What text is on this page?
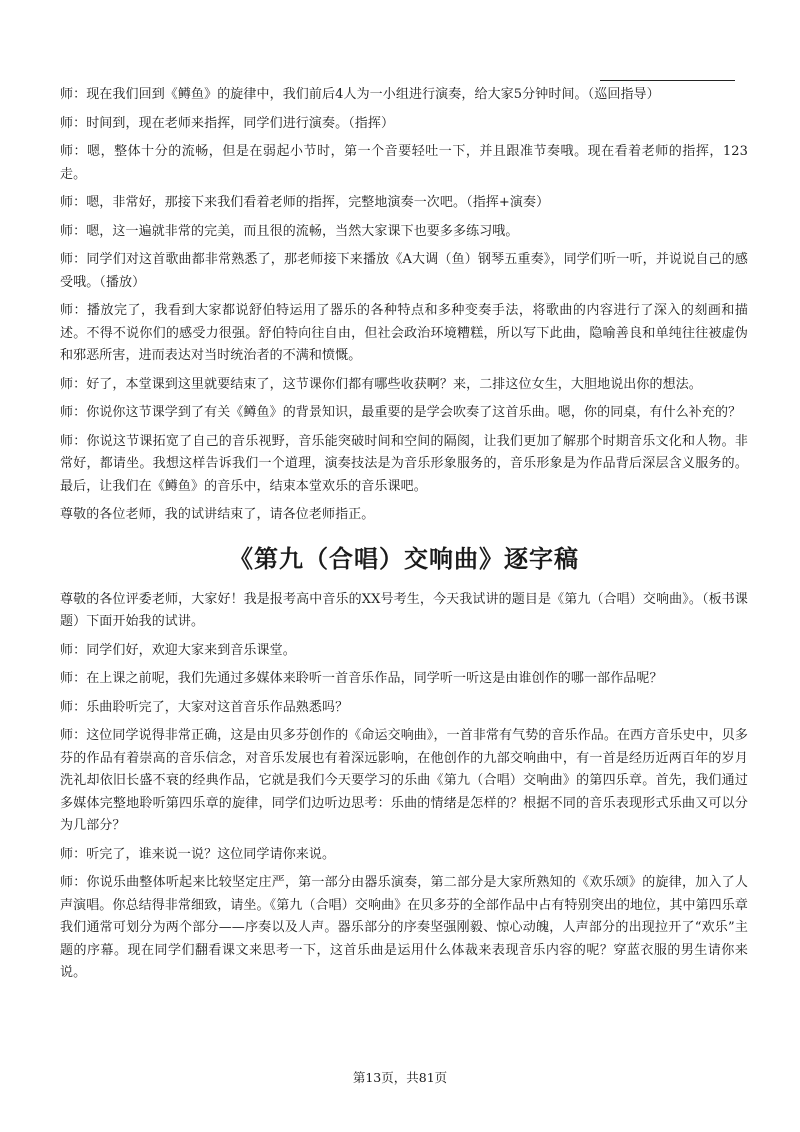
师：现在我们回到《鳟鱼》的旋律中，我们前后4人为一小组进行演奏，给大家5分钟时间。（巡回指导）

师：时间到，现在老师来指挥，同学们进行演奏。（指挥）

师：嗯，整体十分的流畅，但是在弱起小节时，第一个音要轻吐一下，并且跟准节奏哦。现在看着老师的指挥，123走。

师：嗯，非常好，那接下来我们看着老师的指挥，完整地演奏一次吧。（指挥+演奏）

师：嗯，这一遍就非常的完美，而且很的流畅，当然大家课下也要多多练习哦。

师：同学们对这首歌曲都非常熟悉了，那老师接下来播放《A大调（鱼）钢琴五重奏》，同学们听一听，并说说自己的感受哦。（播放）

师：播放完了，我看到大家都说舒伯特运用了器乐的各种特点和多种变奏手法，将歌曲的内容进行了深入的刻画和描述。不得不说你们的感受力很强。舒伯特向往自由，但社会政治环境糟糕，所以写下此曲，隐喻善良和单纯往往被虚伪和邪恶所害，进而表达对当时统治者的不满和愤慨。

师：好了，本堂课到这里就要结束了，这节课你们都有哪些收获啊？来，二排这位女生，大胆地说出你的想法。

师：你说你这节课学到了有关《鳟鱼》的背景知识，最重要的是学会吹奏了这首乐曲。嗯，你的同桌，有什么补充的？

师：你说这节课拓宽了自己的音乐视野，音乐能突破时间和空间的隔阂，让我们更加了解那个时期音乐文化和人物。非常好，都请坐。我想这样告诉我们一个道理，演奏技法是为音乐形象服务的，音乐形象是为作品背后深层含义服务的。最后，让我们在《鳟鱼》的音乐中，结束本堂欢乐的音乐课吧。

尊敬的各位老师，我的试讲结束了，请各位老师指正。

《第九（合唱）交响曲》逐字稿

尊敬的各位评委老师，大家好！我是报考高中音乐的XX号考生，今天我试讲的题目是《第九（合唱）交响曲》。（板书课题）下面开始我的试讲。

师：同学们好，欢迎大家来到音乐课堂。

师：在上课之前呢，我们先通过多媒体来聆听一首音乐作品，同学听一听这是由谁创作的哪一部作品呢？

师：乐曲聆听完了，大家对这首音乐作品熟悉吗？

师：这位同学说得非常正确，这是由贝多芬创作的《命运交响曲》，一首非常有气势的音乐作品。在西方音乐史中，贝多芬的作品有着崇高的音乐信念，对音乐发展也有着深远影响，在他创作的九部交响曲中，有一首是经历近两百年的岁月洗礼却依旧长盛不衰的经典作品，它就是我们今天要学习的乐曲《第九（合唱）交响曲》的第四乐章。首先，我们通过多媒体完整地聆听第四乐章的旋律，同学们边听边思考：乐曲的情绪是怎样的？根据不同的音乐表现形式乐曲又可以分为几部分？

师：听完了，谁来说一说？这位同学请你来说。

师：你说乐曲整体听起来比较坚定庄严，第一部分由器乐演奏，第二部分是大家所熟知的《欢乐颂》的旋律，加入了人声演唱。你总结得非常细致，请坐。《第九（合唱）交响曲》在贝多芬的全部作品中占有特别突出的地位，其中第四乐章我们通常可划分为两个部分——序奏以及人声。器乐部分的序奏坚强刚毅、惊心动魄，人声部分的出现拉开了“欢乐”主题的序幕。现在同学们翻看课文来思考一下，这首乐曲是运用什么体裁来表现音乐内容的呢？穿蓝衣服的男生请你来说。

第13页，共81页
